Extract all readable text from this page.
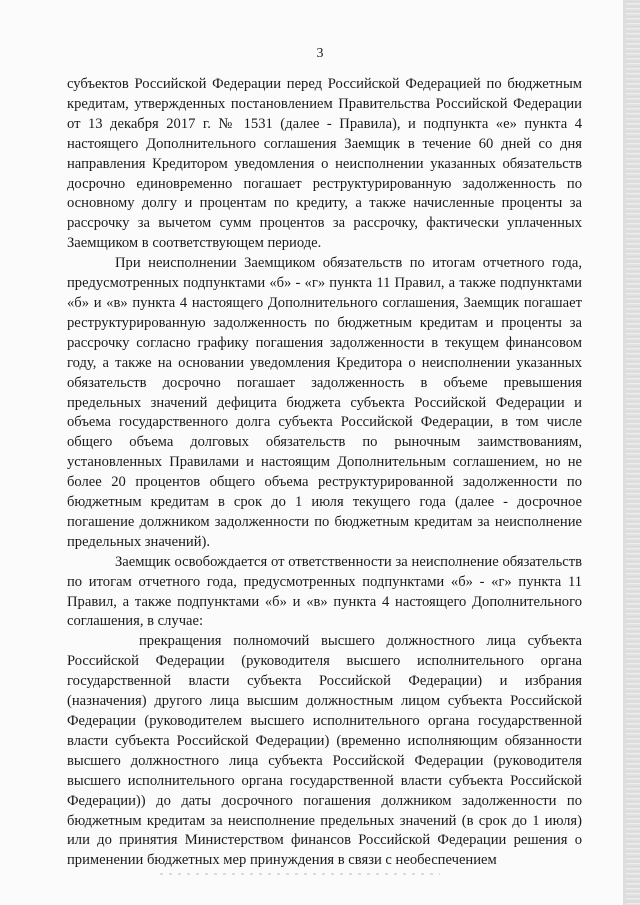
3

субъектов Российской Федерации перед Российской Федерацией по бюджетным кредитам, утвержденных постановлением Правительства Российской Федерации от 13 декабря 2017 г. № 1531 (далее - Правила), и подпункта «е» пункта 4 настоящего Дополнительного соглашения Заемщик в течение 60 дней со дня направления Кредитором уведомления о неисполнении указанных обязательств досрочно единовременно погашает реструктурированную задолженность по основному долгу и процентам по кредиту, а также начисленные проценты за рассрочку за вычетом сумм процентов за рассрочку, фактически уплаченных Заемщиком в соответствующем периоде.

При неисполнении Заемщиком обязательств по итогам отчетного года, предусмотренных подпунктами «б» - «г» пункта 11 Правил, а также подпунктами «б» и «в» пункта 4 настоящего Дополнительного соглашения, Заемщик погашает реструктурированную задолженность по бюджетным кредитам и проценты за рассрочку согласно графику погашения задолженности в текущем финансовом году, а также на основании уведомления Кредитора о неисполнении указанных обязательств досрочно погашает задолженность в объеме превышения предельных значений дефицита бюджета субъекта Российской Федерации и объема государственного долга субъекта Российской Федерации, в том числе общего объема долговых обязательств по рыночным заимствованиям, установленных Правилами и настоящим Дополнительным соглашением, но не более 20 процентов общего объема реструктурированной задолженности по бюджетным кредитам в срок до 1 июля текущего года (далее - досрочное погашение должником задолженности по бюджетным кредитам за неисполнение предельных значений).

Заемщик освобождается от ответственности за неисполнение обязательств по итогам отчетного года, предусмотренных подпунктами «б» - «г» пункта 11 Правил, а также подпунктами «б» и «в» пункта 4 настоящего Дополнительного соглашения, в случае:

прекращения полномочий высшего должностного лица субъекта Российской Федерации (руководителя высшего исполнительного органа государственной власти субъекта Российской Федерации) и избрания (назначения) другого лица высшим должностным лицом субъекта Российской Федерации (руководителем высшего исполнительного органа государственной власти субъекта Российской Федерации) (временно исполняющим обязанности высшего должностного лица субъекта Российской Федерации (руководителя высшего исполнительного органа государственной власти субъекта Российской Федерации)) до даты досрочного погашения должником задолженности по бюджетным кредитам за неисполнение предельных значений (в срок до 1 июля) или до принятия Министерством финансов Российской Федерации решения о применении бюджетных мер принуждения в связи с необеспечением
